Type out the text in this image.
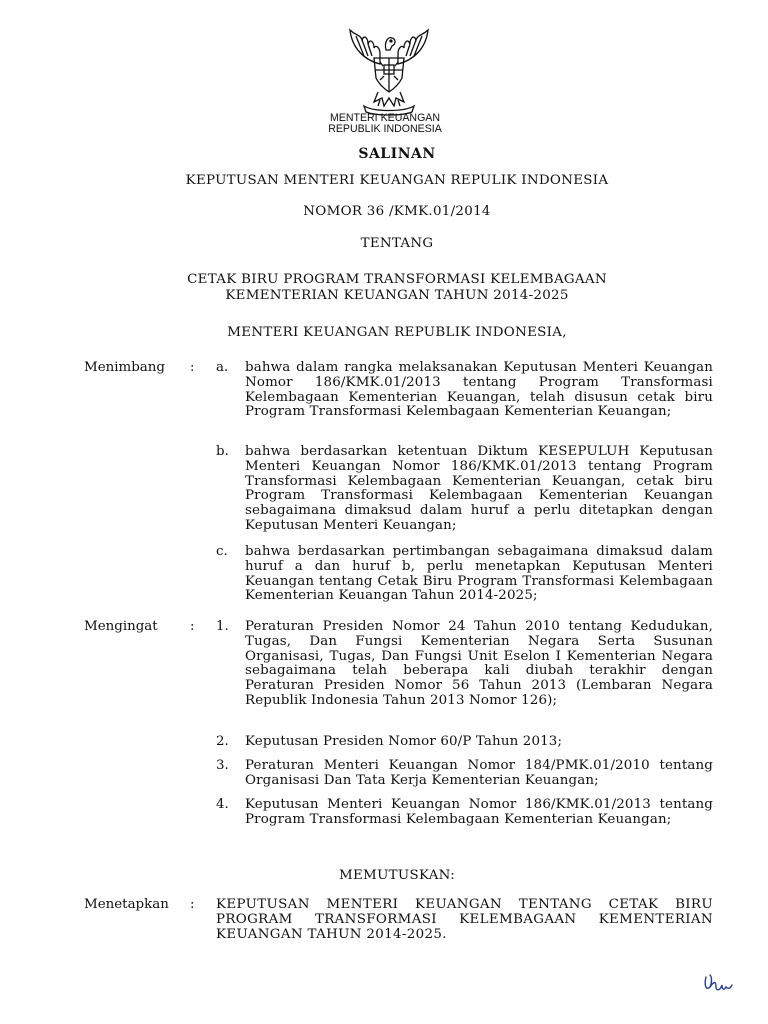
MENTERI KEUANGAN
REPUBLIK INDONESIA
SALINAN
KEPUTUSAN MENTERI KEUANGAN REPULIK INDONESIA
NOMOR 36 /KMK.01/2014
TENTANG
CETAK BIRU PROGRAM TRANSFORMASI KELEMBAGAAN
KEMENTERIAN KEUANGAN TAHUN 2014-2025
MENTERI KEUANGAN REPUBLIK INDONESIA,
Menimbang : a. bahwa dalam rangka melaksanakan Keputusan Menteri Keuangan Nomor 186/KMK.01/2013 tentang Program Transformasi Kelembagaan Kementerian Keuangan, telah disusun cetak biru Program Transformasi Kelembagaan Kementerian Keuangan;
b. bahwa berdasarkan ketentuan Diktum KESEPULUH Keputusan Menteri Keuangan Nomor 186/KMK.01/2013 tentang Program Transformasi Kelembagaan Kementerian Keuangan, cetak biru Program Transformasi Kelembagaan Kementerian Keuangan sebagaimana dimaksud dalam huruf a perlu ditetapkan dengan Keputusan Menteri Keuangan;
c. bahwa berdasarkan pertimbangan sebagaimana dimaksud dalam huruf a dan huruf b, perlu menetapkan Keputusan Menteri Keuangan tentang Cetak Biru Program Transformasi Kelembagaan Kementerian Keuangan Tahun 2014-2025;
Mengingat : 1. Peraturan Presiden Nomor 24 Tahun 2010 tentang Kedudukan, Tugas, Dan Fungsi Kementerian Negara Serta Susunan Organisasi, Tugas, Dan Fungsi Unit Eselon I Kementerian Negara sebagaimana telah beberapa kali diubah terakhir dengan Peraturan Presiden Nomor 56 Tahun 2013 (Lembaran Negara Republik Indonesia Tahun 2013 Nomor 126);
2. Keputusan Presiden Nomor 60/P Tahun 2013;
3. Peraturan Menteri Keuangan Nomor 184/PMK.01/2010 tentang Organisasi Dan Tata Kerja Kementerian Keuangan;
4. Keputusan Menteri Keuangan Nomor 186/KMK.01/2013 tentang Program Transformasi Kelembagaan Kementerian Keuangan;
MEMUTUSKAN:
Menetapkan : KEPUTUSAN MENTERI KEUANGAN TENTANG CETAK BIRU PROGRAM TRANSFORMASI KELEMBAGAAN KEMENTERIAN KEUANGAN TAHUN 2014-2025.
